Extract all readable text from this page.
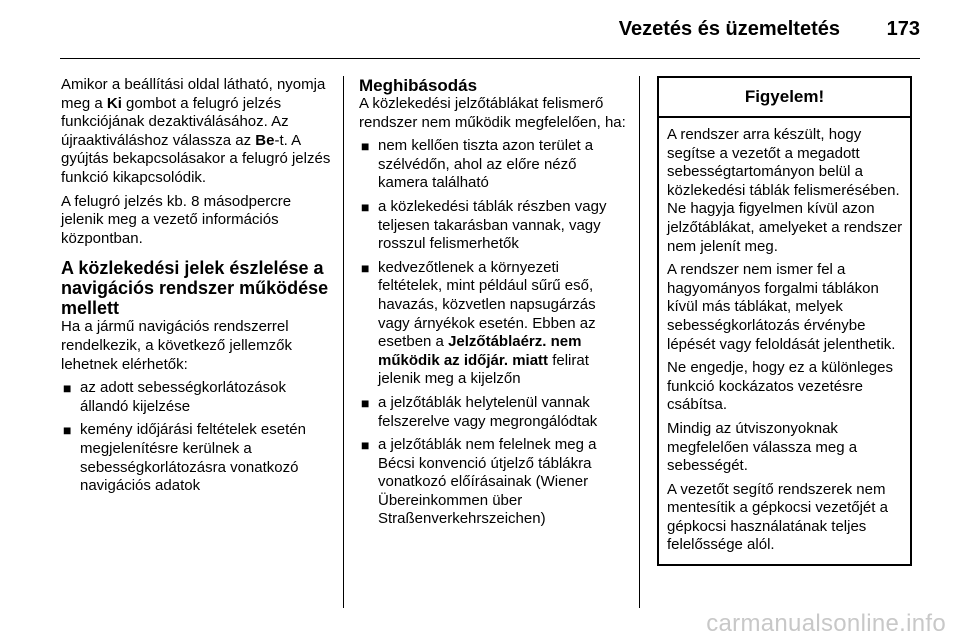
Vezetés és üzemeltetés 173

Amikor a beállítási oldal látható, nyomja meg a Ki gombot a felugró jelzés funkciójának dezaktiválásához. Az újraaktiváláshoz válassza az Be-t. A gyújtás bekapcsolásakor a felugró jelzés funkció kikapcsolódik.

A felugró jelzés kb. 8 másodpercre jelenik meg a vezető információs központban.

A közlekedési jelek észlelése a navigációs rendszer működése mellett

Ha a jármű navigációs rendszerrel rendelkezik, a következő jellemzők lehetnek elérhetők:

■ az adott sebességkorlátozások állandó kijelzése
■ kemény időjárási feltételek esetén megjelenítésre kerülnek a sebességkorlátozásra vonatkozó navigációs adatok
Meghibásodás

A közlekedési jelzőtáblákat felismerő rendszer nem működik megfelelően, ha:

■ nem kellően tiszta azon terület a szélvédőn, ahol az előre néző kamera található
■ a közlekedési táblák részben vagy teljesen takarásban vannak, vagy rosszul felismerhetők
■ kedvezőtlenek a környezeti feltételek, mint például sűrű eső, havazás, közvetlen napsugárzás vagy árnyékok esetén. Ebben az esetben a Jelzőtáblaérz. nem működik az időjár. miatt felirat jelenik meg a kijelzőn
■ a jelzőtáblák helytelenül vannak felszerelve vagy megrongálódtak
■ a jelzőtáblák nem felelnek meg a Bécsi konvenció útjelző táblákra vonatkozó előírásainak (Wiener Übereinkommen über Straßenverkehrszeichen)
Figyelem!

A rendszer arra készült, hogy segítse a vezetőt a megadott sebességtartományon belül a közlekedési táblák felismerésében. Ne hagyja figyelmen kívül azon jelzőtáblákat, amelyeket a rendszer nem jelenít meg.

A rendszer nem ismer fel a hagyományos forgalmi táblákon kívül más táblákat, melyek sebességkorlátozás érvénybe lépését vagy feloldását jelenthetik.

Ne engedje, hogy ez a különleges funkció kockázatos vezetésre csábítsa.

Mindig az útviszonyoknak megfelelően válassza meg a sebességét.

A vezetőt segítő rendszerek nem mentesítik a gépkocsi vezetőjét a gépkocsi használatának teljes felelőssége alól.

carmanualsonline.info
